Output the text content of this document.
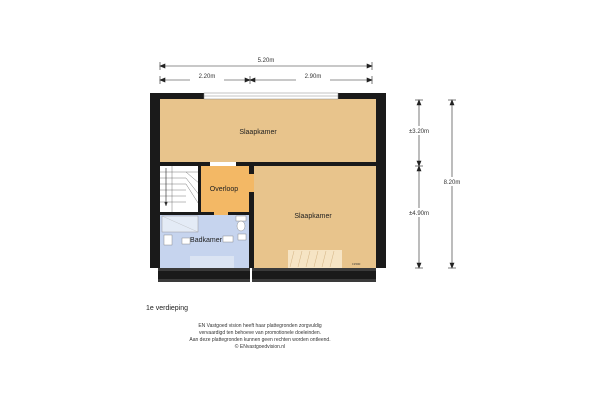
5.20m
2.20m	2.90m
±3.20m
±4.90m
8.20m
±1500
Slaapkamer
Overloop
Badkamer
Slaapkamer
1e verdieping
EN Vastgoed vision heeft haar plattegronden zorgvuldig
vervaardigd ten behoeve van promotionele doeleinden.
Aan deze plattegronden kunnen geen rechten worden ontleend.
© ENvastgoedvision.nl
